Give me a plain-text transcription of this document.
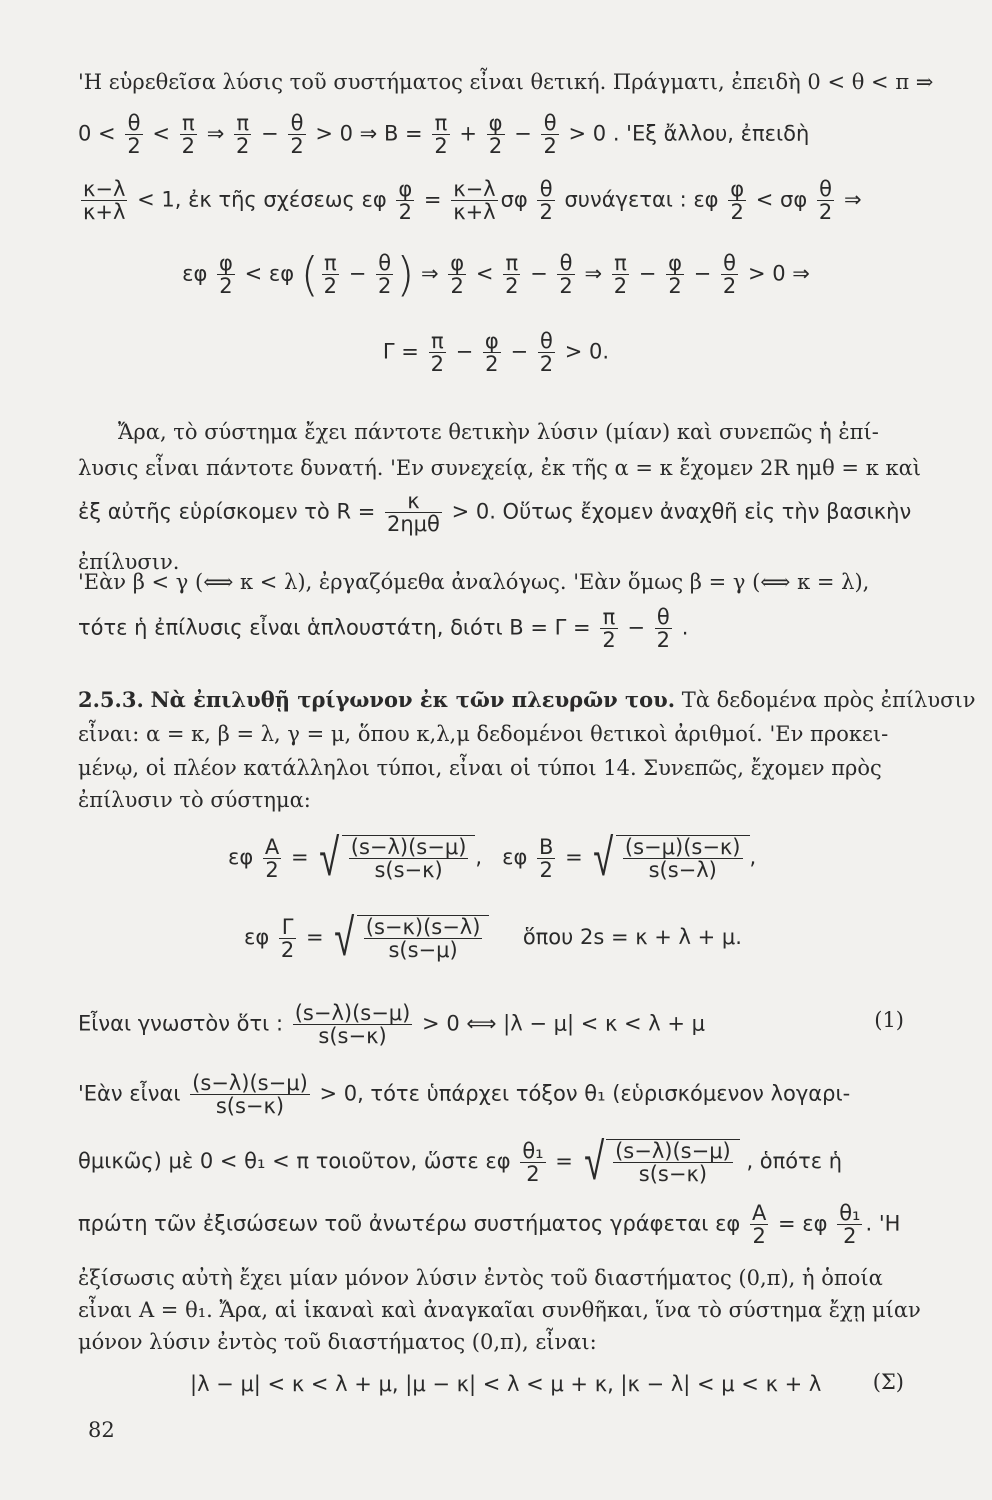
'Η εὑρεθεῖσα λύσις τοῦ συστήματος εἶναι θετική. Πράγματι, ἐπειδὴ 0 < θ < π ⇒
$0 < \frac{\theta}{2} < \frac{\pi}{2}$ ⇒ $\frac{\pi}{2} - \frac{\theta}{2} > 0$ ⇒ $B = \frac{\pi}{2} + \frac{\varphi}{2} - \frac{\theta}{2} > 0$ . 'Εξ ἄλλου, ἐπειδὴ
$\frac{\kappa-\lambda}{\kappa+\lambda} < 1$, ἐκ τῆς σχέσεως εφ $\frac{\varphi}{2} = \frac{\kappa-\lambda}{\kappa+\lambda}$ σφ $\frac{\theta}{2}$ συνάγεται : εφ $\frac{\varphi}{2} < \sigma\varphi \frac{\theta}{2}$ ⇒
εφ $\frac{\varphi}{2} < \varepsilon\varphi$ ( $\frac{\pi}{2} - \frac{\theta}{2}$ ) ⇒ $\frac{\varphi}{2} < \frac{\pi}{2} - \frac{\theta}{2}$ ⇒ $\frac{\pi}{2} - \frac{\varphi}{2} - \frac{\theta}{2} > 0$ ⇒
$\Gamma = \frac{\pi}{2} - \frac{\varphi}{2} - \frac{\theta}{2} > 0$.
Ἄρα, τὸ σύστημα ἔχει πάντοτε θετικὴν λύσιν (μίαν) καὶ συνεπῶς ἡ ἐπί-
λυσις εἶναι πάντοτε δυνατή. 'Εν συνεχείᾳ, ἐκ τῆς α = κ ἔχομεν 2R ημθ = κ καὶ
ἐξ αὐτῆς εὑρίσκομεν τὸ $R = \frac{\kappa}{\text{2ημθ}} > 0$. Οὕτως ἔχομεν ἀναχθῆ εἰς τὴν βασικὴν
ἐπίλυσιν.
'Εὰν β < γ (⟺ κ < λ), ἐργαζόμεθα ἀναλόγως. 'Εὰν ὅμως β = γ (⟺ κ = λ),
τότε ἡ ἐπίλυσις εἶναι ἁπλουστάτη, διότι $B = \Gamma = \frac{\pi}{2} - \frac{\theta}{2}$ .
2.5.3. Νὰ ἐπιλυθῇ τρίγωνον ἐκ τῶν πλευρῶν του. Τὰ δεδομένα πρὸς ἐπίλυσιν
εἶναι: α = κ, β = λ, γ = μ, ὅπου κ,λ,μ δεδομένοι θετικοὶ ἀριθμοί. 'Εν προκει-
μένῳ, οἱ πλέον κατάλληλοι τύποι, εἶναι οἱ τύποι 14. Συνεπῶς, ἔχομεν πρὸς
ἐπίλυσιν τὸ σύστημα:
εφ $\frac{A}{2}$ = √ $\frac{(s-\lambda)(s-\mu)}{s(s-\kappa)}$ ,   εφ $\frac{B}{2}$ = √ $\frac{(s-\mu)(s-\kappa)}{s(s-\lambda)}$ ,
εφ $\frac{\Gamma}{2}$ = √ $\frac{(s-\kappa)(s-\lambda)}{s(s-\mu)}$ ὅπου 2s = κ + λ + μ.
Εἶναι γνωστὸν ὅτι : $\frac{(s-\lambda)(s-\mu)}{s(s-\kappa)} > 0$ ⟺ |λ − μ| < κ < λ + μ	(1)
'Εὰν εἶναι $\frac{(s-\lambda)(s-\mu)}{s(s-\kappa)} > 0$, τότε ὑπάρχει τόξον θ₁ (εὑρισκόμενον λογαρι-
θμικῶς) μὲ 0 < θ₁ < π τοιοῦτον, ὥστε εφ $\frac{\text{θ₁}}{2}$ = √ $\frac{(s-\lambda)(s-\mu)}{s(s-\kappa)}$ , ὁπότε ἡ
πρώτη τῶν ἐξισώσεων τοῦ ἀνωτέρω συστήματος γράφεται εφ $\frac{A}{2} = \varepsilon\varphi \frac{\text{θ₁}}{2}$ . 'Η
ἐξίσωσις αὐτὴ ἔχει μίαν μόνον λύσιν ἐντὸς τοῦ διαστήματος (0,π), ἡ ὁποία
εἶναι A = θ₁. Ἄρα, αἱ ἱκαναὶ καὶ ἀναγκαῖαι συνθῆκαι, ἵνα τὸ σύστημα ἔχῃ μίαν
μόνον λύσιν ἐντὸς τοῦ διαστήματος (0,π), εἶναι:
|λ − μ| < κ < λ + μ, |μ − κ| < λ < μ + κ, |κ − λ| < μ < κ + λ	(Σ)
82
